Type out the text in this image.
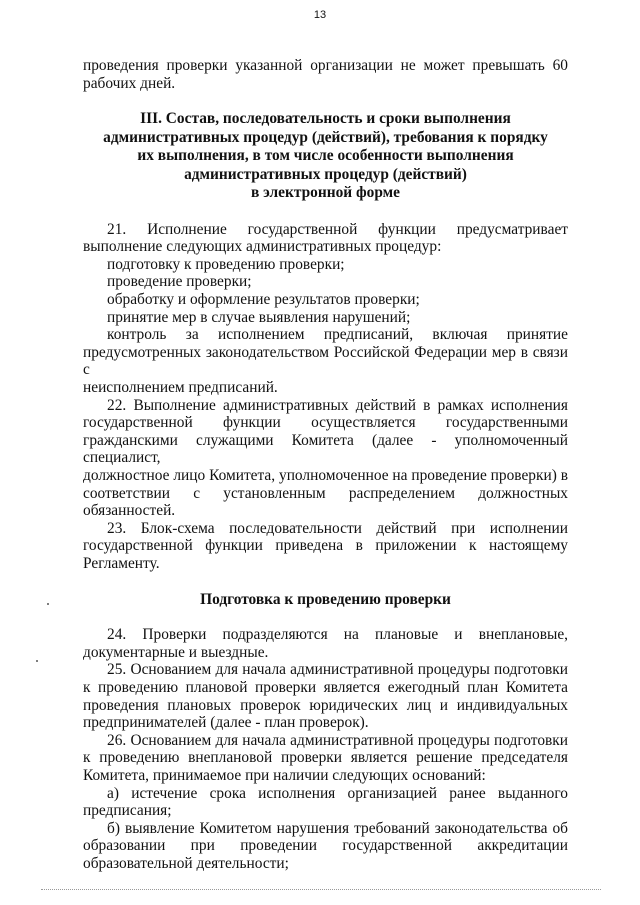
13

проведения проверки указанной организации не может превышать 60

рабочих дней.

III. Состав, последовательность и сроки выполнения
административных процедур (действий), требования к порядку
их выполнения, в том числе особенности выполнения
административных процедур (действий)
в электронной форме

21. Исполнение государственной функции предусматривает

выполнение следующих административных процедур:

подготовку к проведению проверки;

проведение проверки;

обработку и оформление результатов проверки;

принятие мер в случае выявления нарушений;

контроль за исполнением предписаний, включая принятие

предусмотренных законодательством Российской Федерации мер в связи с

неисполнением предписаний.

22. Выполнение административных действий в рамках исполнения

государственной функции осуществляется государственными

гражданскими служащими Комитета (далее - уполномоченный специалист,

должностное лицо Комитета, уполномоченное на проведение проверки) в

соответствии с установленным распределением должностных

обязанностей.

23. Блок-схема последовательности действий при исполнении

государственной функции приведена в приложении к настоящему

Регламенту.

Подготовка к проведению проверки

24. Проверки подразделяются на плановые и внеплановые,

документарные и выездные.

25. Основанием для начала административной процедуры подготовки

к проведению плановой проверки является ежегодный план Комитета

проведения плановых проверок юридических лиц и индивидуальных

предпринимателей (далее - план проверок).

26. Основанием для начала административной процедуры подготовки

к проведению внеплановой проверки является решение председателя

Комитета, принимаемое при наличии следующих оснований:

а) истечение срока исполнения организацией ранее выданного

предписания;

б) выявление Комитетом нарушения требований законодательства об

образовании при проведении государственной аккредитации

образовательной деятельности;
